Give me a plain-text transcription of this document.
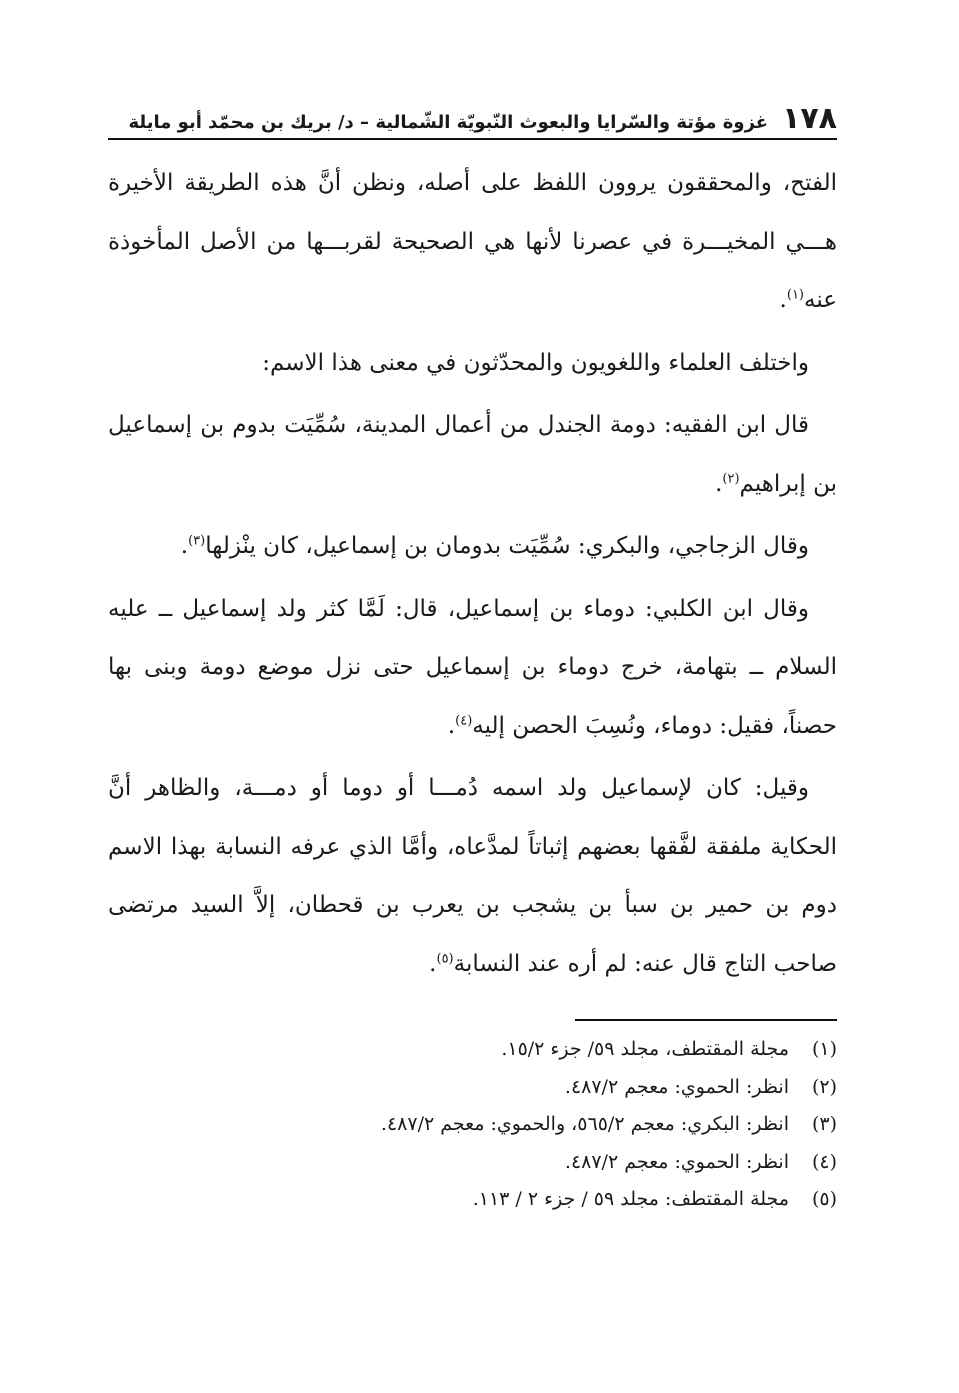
١٧٨
غزوة مؤتة والسّرايا والبعوث النّبويّة الشّمالية – د/ بريك بن محمّد أبو مايلة

الفتح، والمحققون يروون اللفظ على أصله، ونظن أنَّ هذه الطريقة الأخيرة هـــي المخيـــرة في عصرنا لأنها هي الصحيحة لقربـــها من الأصل المأخوذة عنه$^{(١)}$.

واختلف العلماء واللغويون والمحدّثون في معنى هذا الاسم:

قال ابن الفقيه: دومة الجندل من أعمال المدينة، سُمِّيَت بدوم بن إسماعيل بن إبراهيم$^{(٢)}$.

وقال الزجاجي، والبكري: سُمِّيَت بدومان بن إسماعيل، كان ينْزلها$^{(٣)}$.

وقال ابن الكلبي: دوماء بن إسماعيل، قال: لَمَّا كثر ولد إسماعيل ــ عليه السلام ــ بتهامة، خرج دوماء بن إسماعيل حتى نزل موضع دومة وبنى بها حصناً، فقيل: دوماء، ونُسِبَ الحصن إليه$^{(٤)}$.

وقيل: كان لإسماعيل ولد اسمه دُمـــا أو دوما أو دمـــة، والظاهر أنَّ الحكاية ملفقة لفَّقها بعضهم إثباتاً لمدَّعاه، وأمَّا الذي عرفه النسابة بهذا الاسم دوم بن حمير بن سبأ بن يشجب بن يعرب بن قحطان، إلاَّ السيد مرتضى صاحب التاج قال عنه: لم أره عند النسابة$^{(٥)}$.

(١)
مجلة المقتطف، مجلد ٥٩/ جزء ١٥/٢.

(٢)
انظر: الحموي: معجم ٤٨٧/٢.

(٣)
انظر: البكري: معجم ٥٦٥/٢، والحموي: معجم ٤٨٧/٢.

(٤)
انظر: الحموي: معجم ٤٨٧/٢.

(٥)
مجلة المقتطف: مجلد ٥٩ / جزء ٢ / ١١٣.
